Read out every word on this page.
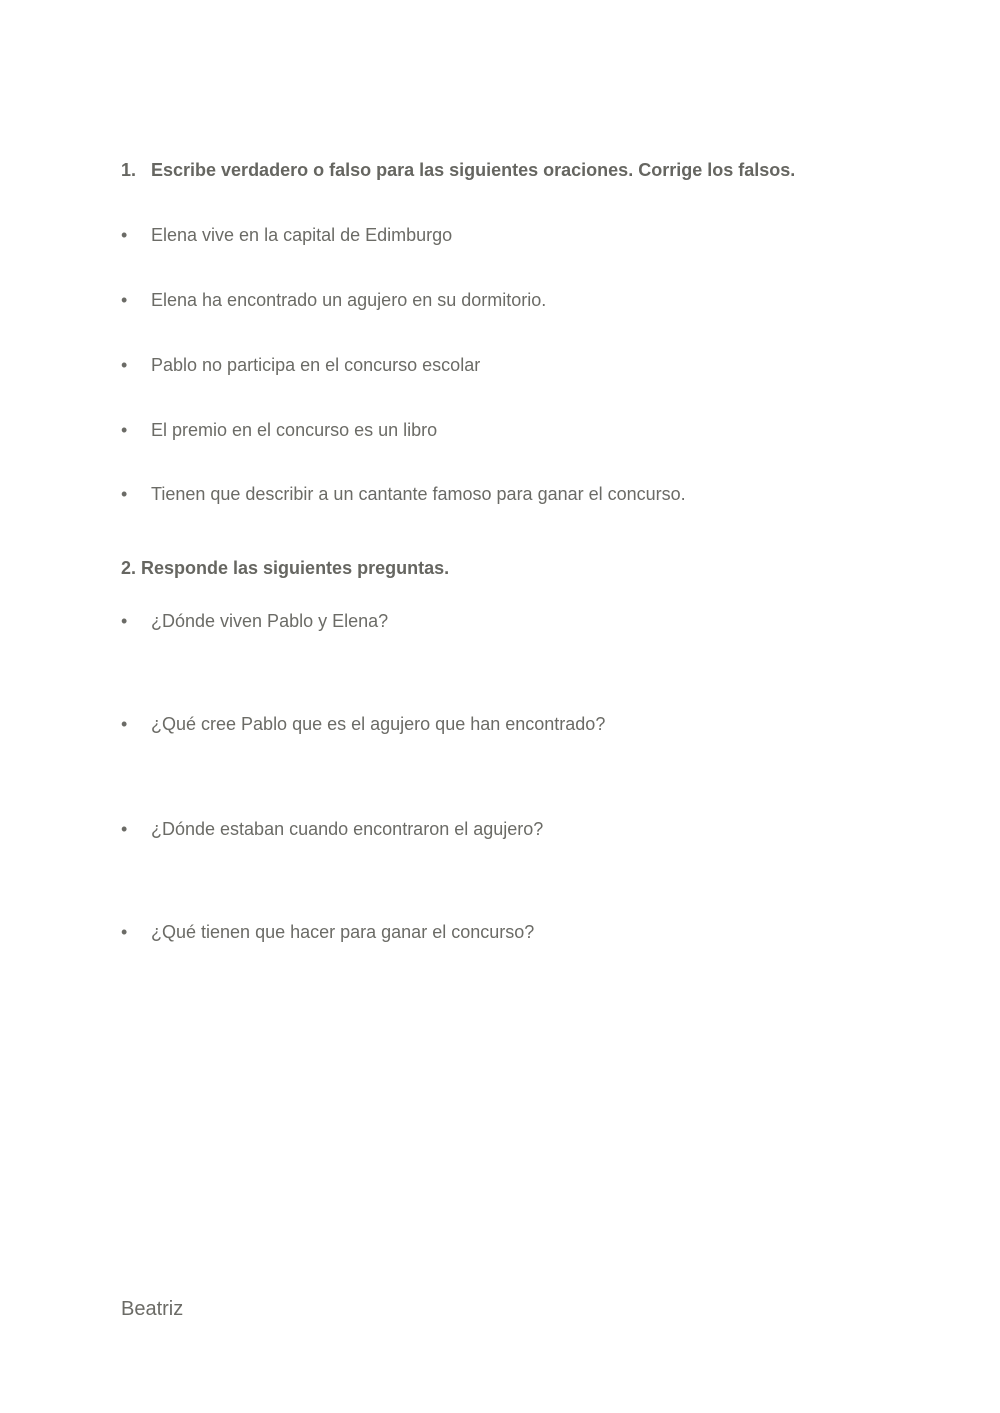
1. Escribe verdadero o falso para las siguientes oraciones. Corrige los falsos.
• Elena vive en la capital de Edimburgo
• Elena ha encontrado un agujero en su dormitorio.
• Pablo no participa en el concurso escolar
• El premio en el concurso es un libro
• Tienen que describir a un cantante famoso para ganar el concurso.
2. Responde las siguientes preguntas.
• ¿Dónde viven Pablo y Elena?
• ¿Qué cree Pablo que es el agujero que han encontrado?
• ¿Dónde estaban cuando encontraron el agujero?
• ¿Qué tienen que hacer para ganar el concurso?
Beatriz
